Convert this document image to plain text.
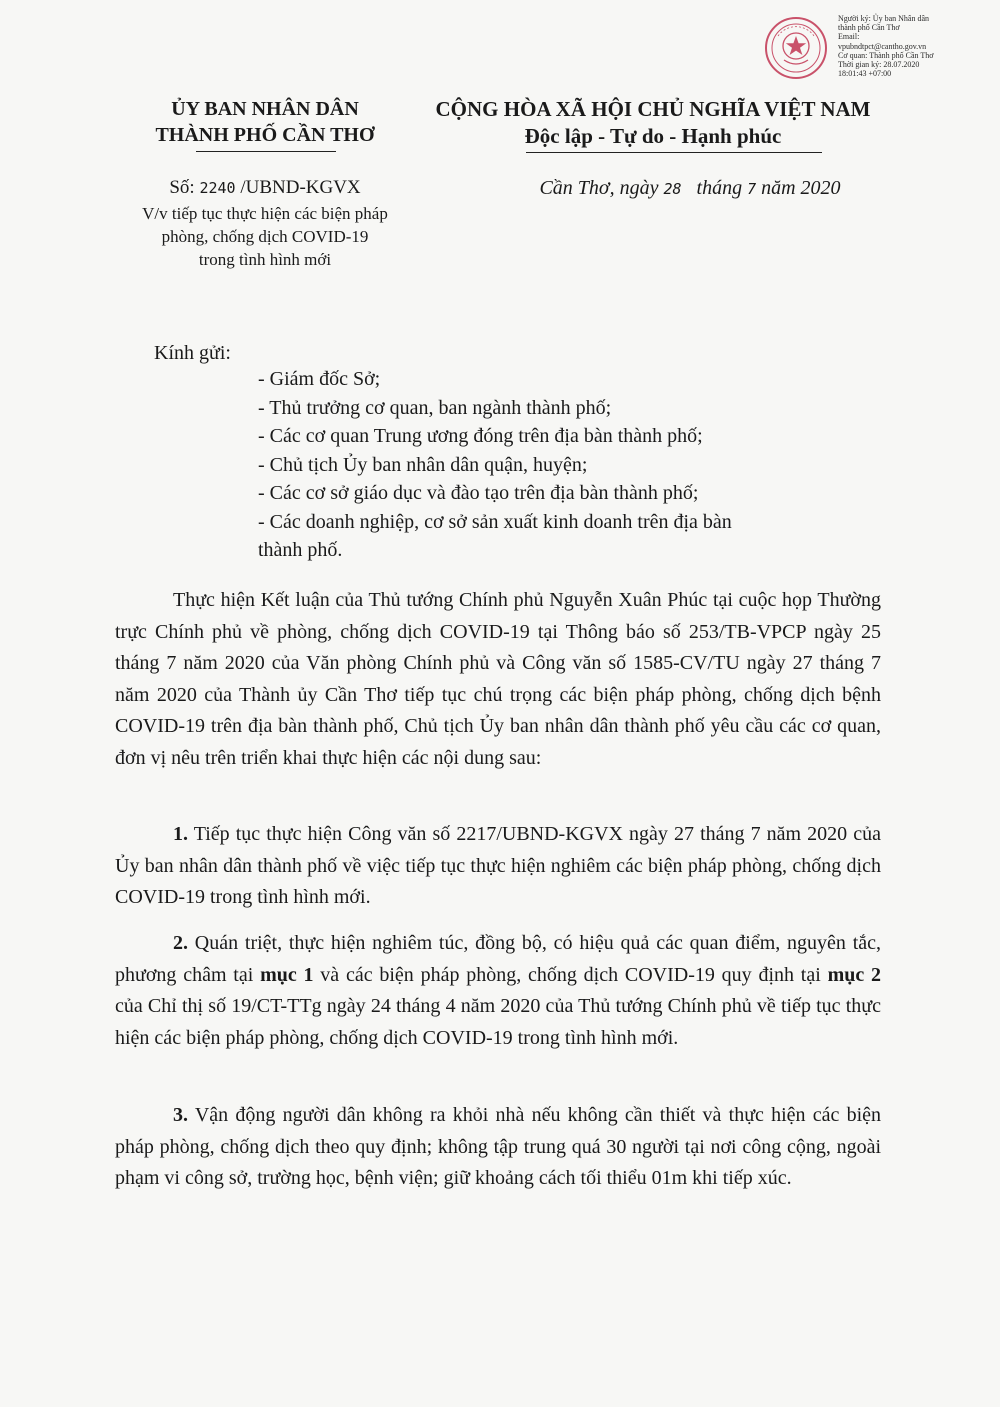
Người ký: Ủy ban Nhân dân
thành phố Cần Thơ
Email:
vpubndtpct@cantho.gov.vn
Cơ quan: Thành phố Cần Thơ
Thời gian ký: 28.07.2020
18:01:43 +07:00
ỦY BAN NHÂN DÂN
THÀNH PHỐ CẦN THƠ
CỘNG HÒA XÃ HỘI CHỦ NGHĨA VIỆT NAM
Độc lập - Tự do - Hạnh phúc
Số: 2240 /UBND-KGVX
V/v tiếp tục thực hiện các biện pháp
phòng, chống dịch COVID-19
trong tình hình mới
Cần Thơ, ngày 28 tháng 7 năm 2020
Kính gửi:
- Giám đốc Sở;
- Thủ trưởng cơ quan, ban ngành thành phố;
- Các cơ quan Trung ương đóng trên địa bàn thành phố;
- Chủ tịch Ủy ban nhân dân quận, huyện;
- Các cơ sở giáo dục và đào tạo trên địa bàn thành phố;
- Các doanh nghiệp, cơ sở sản xuất kinh doanh trên địa bàn
thành phố.
Thực hiện Kết luận của Thủ tướng Chính phủ Nguyễn Xuân Phúc tại cuộc họp Thường trực Chính phủ về phòng, chống dịch COVID-19 tại Thông báo số 253/TB-VPCP ngày 25 tháng 7 năm 2020 của Văn phòng Chính phủ và Công văn số 1585-CV/TU ngày 27 tháng 7 năm 2020 của Thành ủy Cần Thơ tiếp tục chú trọng các biện pháp phòng, chống dịch bệnh COVID-19 trên địa bàn thành phố, Chủ tịch Ủy ban nhân dân thành phố yêu cầu các cơ quan, đơn vị nêu trên triển khai thực hiện các nội dung sau:
1. Tiếp tục thực hiện Công văn số 2217/UBND-KGVX ngày 27 tháng 7 năm 2020 của Ủy ban nhân dân thành phố về việc tiếp tục thực hiện nghiêm các biện pháp phòng, chống dịch COVID-19 trong tình hình mới.
2. Quán triệt, thực hiện nghiêm túc, đồng bộ, có hiệu quả các quan điểm, nguyên tắc, phương châm tại mục 1 và các biện pháp phòng, chống dịch COVID-19 quy định tại mục 2 của Chỉ thị số 19/CT-TTg ngày 24 tháng 4 năm 2020 của Thủ tướng Chính phủ về tiếp tục thực hiện các biện pháp phòng, chống dịch COVID-19 trong tình hình mới.
3. Vận động người dân không ra khỏi nhà nếu không cần thiết và thực hiện các biện pháp phòng, chống dịch theo quy định; không tập trung quá 30 người tại nơi công cộng, ngoài phạm vi công sở, trường học, bệnh viện; giữ khoảng cách tối thiểu 01m khi tiếp xúc.
